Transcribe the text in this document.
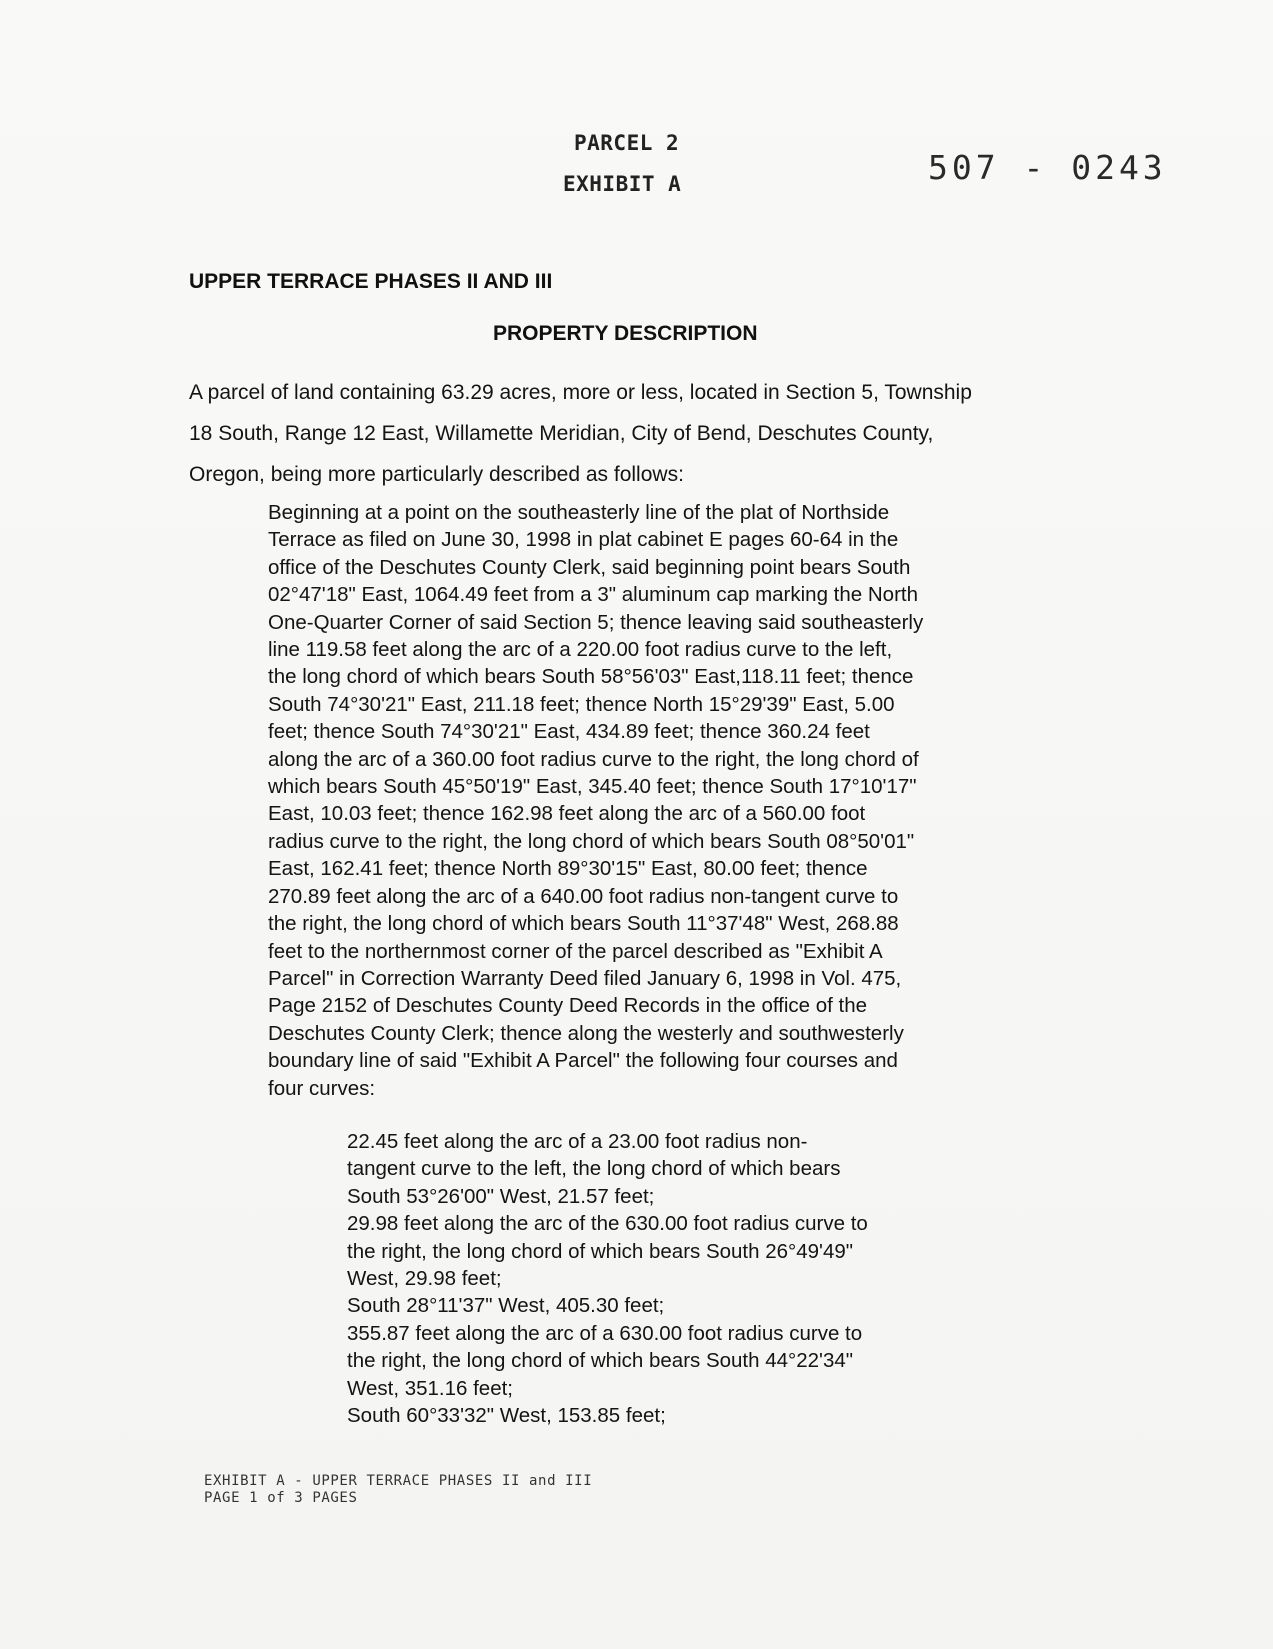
PARCEL 2
EXHIBIT A	507 - 0243
UPPER TERRACE PHASES II AND III
PROPERTY DESCRIPTION
A parcel of land containing 63.29 acres, more or less, located in Section 5, Township
18 South, Range 12 East, Willamette Meridian, City of Bend, Deschutes County,
Oregon, being more particularly described as follows:
Beginning at a point on the southeasterly line of the plat of Northside
Terrace as filed on June 30, 1998 in plat cabinet E pages 60-64 in the
office of the Deschutes County Clerk, said beginning point bears South
02°47'18" East, 1064.49 feet from a 3" aluminum cap marking the North
One-Quarter Corner of said Section 5; thence leaving said southeasterly
line 119.58 feet along the arc of a 220.00 foot radius curve to the left,
the long chord of which bears South 58°56'03" East,118.11 feet; thence
South 74°30'21" East, 211.18 feet; thence North 15°29'39" East, 5.00
feet; thence South 74°30'21" East, 434.89 feet; thence 360.24 feet
along the arc of a 360.00 foot radius curve to the right, the long chord of
which bears South 45°50'19" East, 345.40 feet; thence South 17°10'17"
East, 10.03 feet; thence 162.98 feet along the arc of a 560.00 foot
radius curve to the right, the long chord of which bears South 08°50'01"
East, 162.41 feet; thence North 89°30'15" East, 80.00 feet; thence
270.89 feet along the arc of a 640.00 foot radius non-tangent curve to
the right, the long chord of which bears South 11°37'48" West, 268.88
feet to the northernmost corner of the parcel described as "Exhibit A
Parcel" in Correction Warranty Deed filed January 6, 1998 in Vol. 475,
Page 2152 of Deschutes County Deed Records in the office of the
Deschutes County Clerk; thence along the westerly and southwesterly
boundary line of said "Exhibit A Parcel" the following four courses and
four curves:
22.45 feet along the arc of a 23.00 foot radius non-
tangent curve to the left, the long chord of which bears
South 53°26'00" West, 21.57 feet;
29.98 feet along the arc of the 630.00 foot radius curve to
the right, the long chord of which bears South 26°49'49"
West, 29.98 feet;
South 28°11'37" West, 405.30 feet;
355.87 feet along the arc of a 630.00 foot radius curve to
the right, the long chord of which bears South 44°22'34"
West, 351.16 feet;
South 60°33'32" West, 153.85 feet;
EXHIBIT A - UPPER TERRACE PHASES II and III
PAGE 1 of 3 PAGES
